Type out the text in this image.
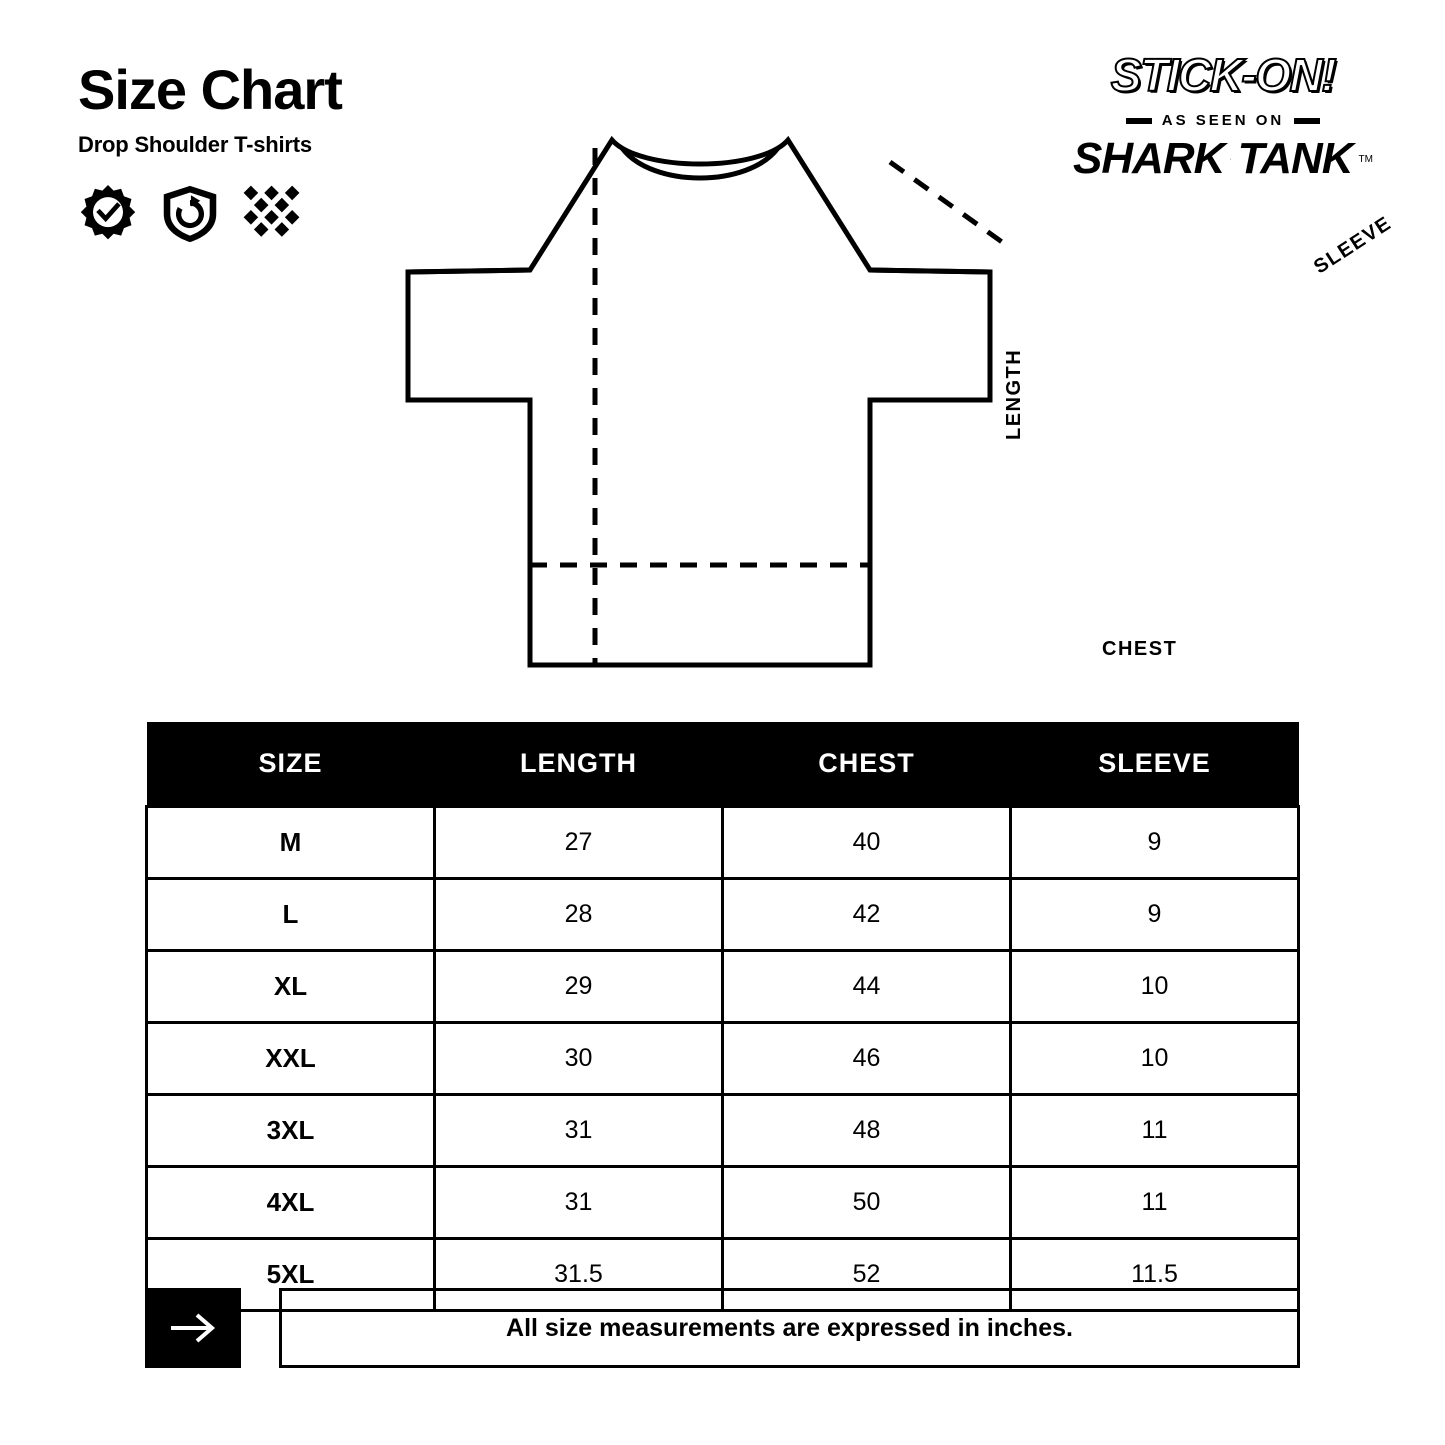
Size Chart
Drop Shoulder T-shirts
STICK-ON!
AS SEEN ON
SHARK TANK TM
LENGTH
CHEST
SLEEVE
SIZE	LENGTH	CHEST	SLEEVE
M	27	40	9
L	28	42	9
XL	29	44	10
XXL	30	46	10
3XL	31	48	11
4XL	31	50	11
5XL	31.5	52	11.5
All size measurements are expressed in inches.
